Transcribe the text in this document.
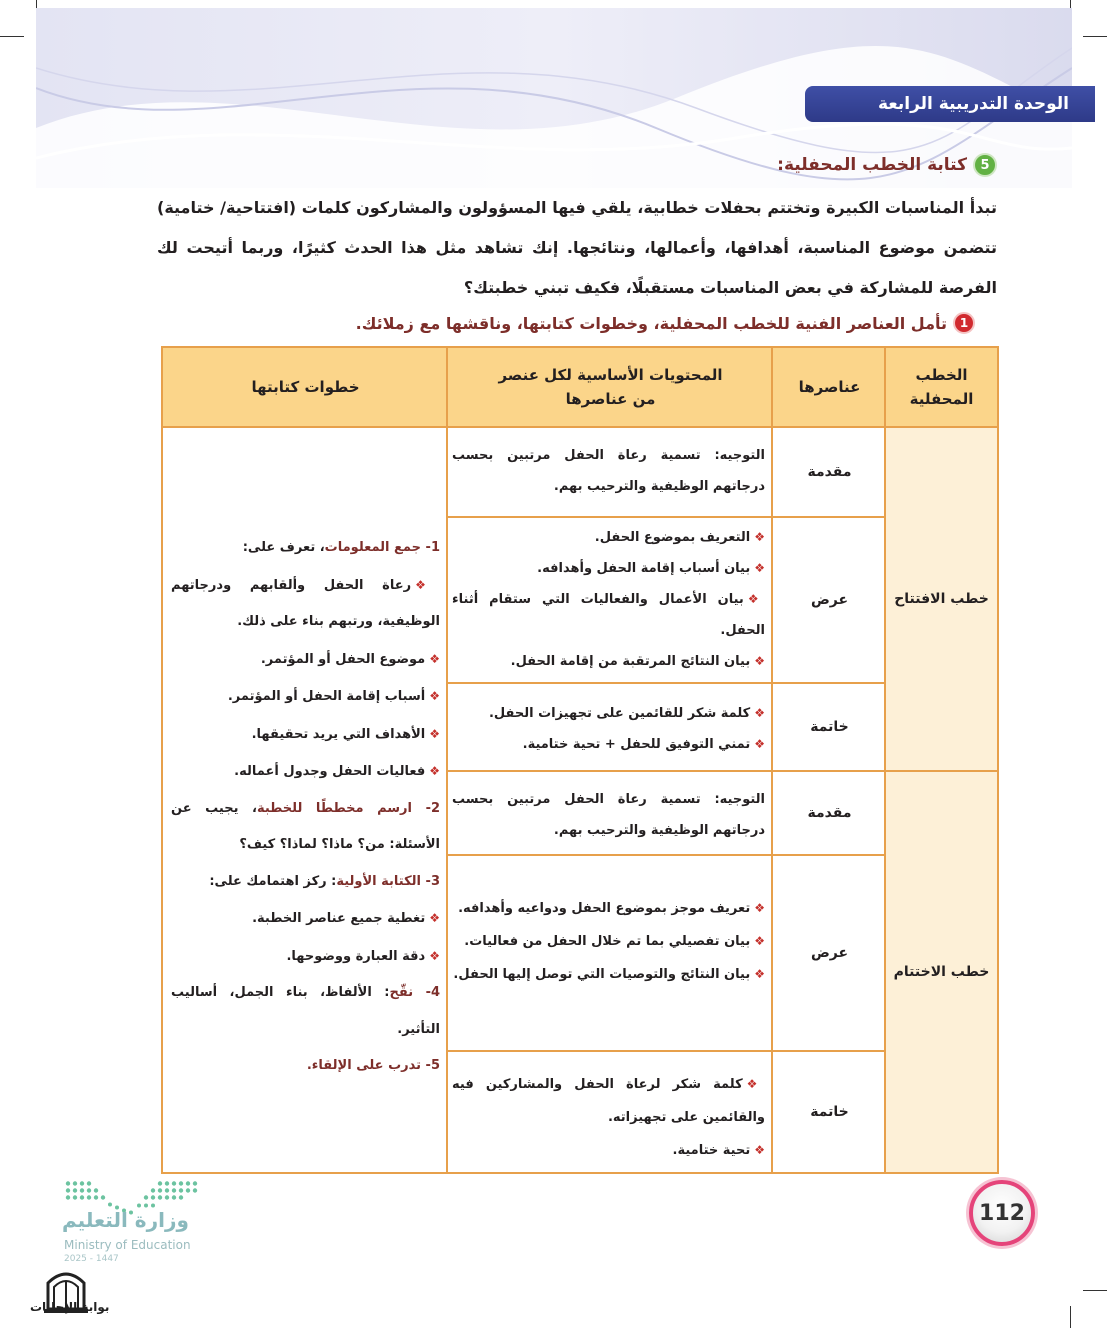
الوحدة التدريبية الرابعة
5
كتابة الخطب المحفلية:
تبدأ المناسبات الكبيرة وتختتم بحفلات خطابية، يلقي فيها المسؤولون والمشاركون كلمات (افتتاحية/ ختامية) تتضمن موضوع المناسبة، أهدافها، وأعمالها، ونتائجها. إنك تشاهد مثل هذا الحدث كثيرًا، وربما أتيحت لك الفرصة للمشاركة في بعض المناسبات مستقبلًا، فكيف تبني خطبتك؟
1
تأمل العناصر الفنية للخطب المحفلية، وخطوات كتابتها، وناقشها مع زملائك.
الخطب المحفلية
عناصرها
المحتويات الأساسية لكل عنصر من عناصرها
خطوات كتابتها
خطب الافتتاح
خطب الاختتام
مقدمة
عرض
خاتمة
مقدمة
عرض
خاتمة
التوجيه: تسمية رعاة الحفل مرتبين بحسب درجاتهم الوظيفية والترحيب بهم.
❖التعريف بموضوع الحفل.
❖بيان أسباب إقامة الحفل وأهدافه.
❖بيان الأعمال والفعاليات التي ستقام أثناء الحفل.
❖بيان النتائج المرتقبة من إقامة الحفل.
❖كلمة شكر للقائمين على تجهيزات الحفل.
❖تمني التوفيق للحفل + تحية ختامية.
التوجيه: تسمية رعاة الحفل مرتبين بحسب درجاتهم الوظيفية والترحيب بهم.
❖تعريف موجز بموضوع الحفل ودواعيه وأهدافه.
❖بيان تفصيلي بما تم خلال الحفل من فعاليات.
❖بيان النتائج والتوصيات التي توصل إليها الحفل.
❖كلمة شكر لرعاة الحفل والمشاركين فيه والقائمين على تجهيزاته.
❖تحية ختامية.
1- جمع المعلومات، تعرف على:
❖رعاة الحفل وألقابهم ودرجاتهم الوظيفية، ورتبهم بناء على ذلك.
❖موضوع الحفل أو المؤتمر.
❖أسباب إقامة الحفل أو المؤتمر.
❖الأهداف التي يريد تحقيقها.
❖فعاليات الحفل وجدول أعماله.
2- ارسم مخططًا للخطبة، يجيب عن الأسئلة: من؟ ماذا؟ لماذا؟ كيف؟
3- الكتابة الأولية: ركز اهتمامك على:
❖تغطية جميع عناصر الخطبة.
❖دقة العبارة ووضوحها.
4- نقّح: الألفاظ، بناء الجمل، أساليب التأثير.
5- تدرب على الإلقاء.
112
وزارة التعليم
Ministry of Education
2025 - 1447
بوابة الإجابات
